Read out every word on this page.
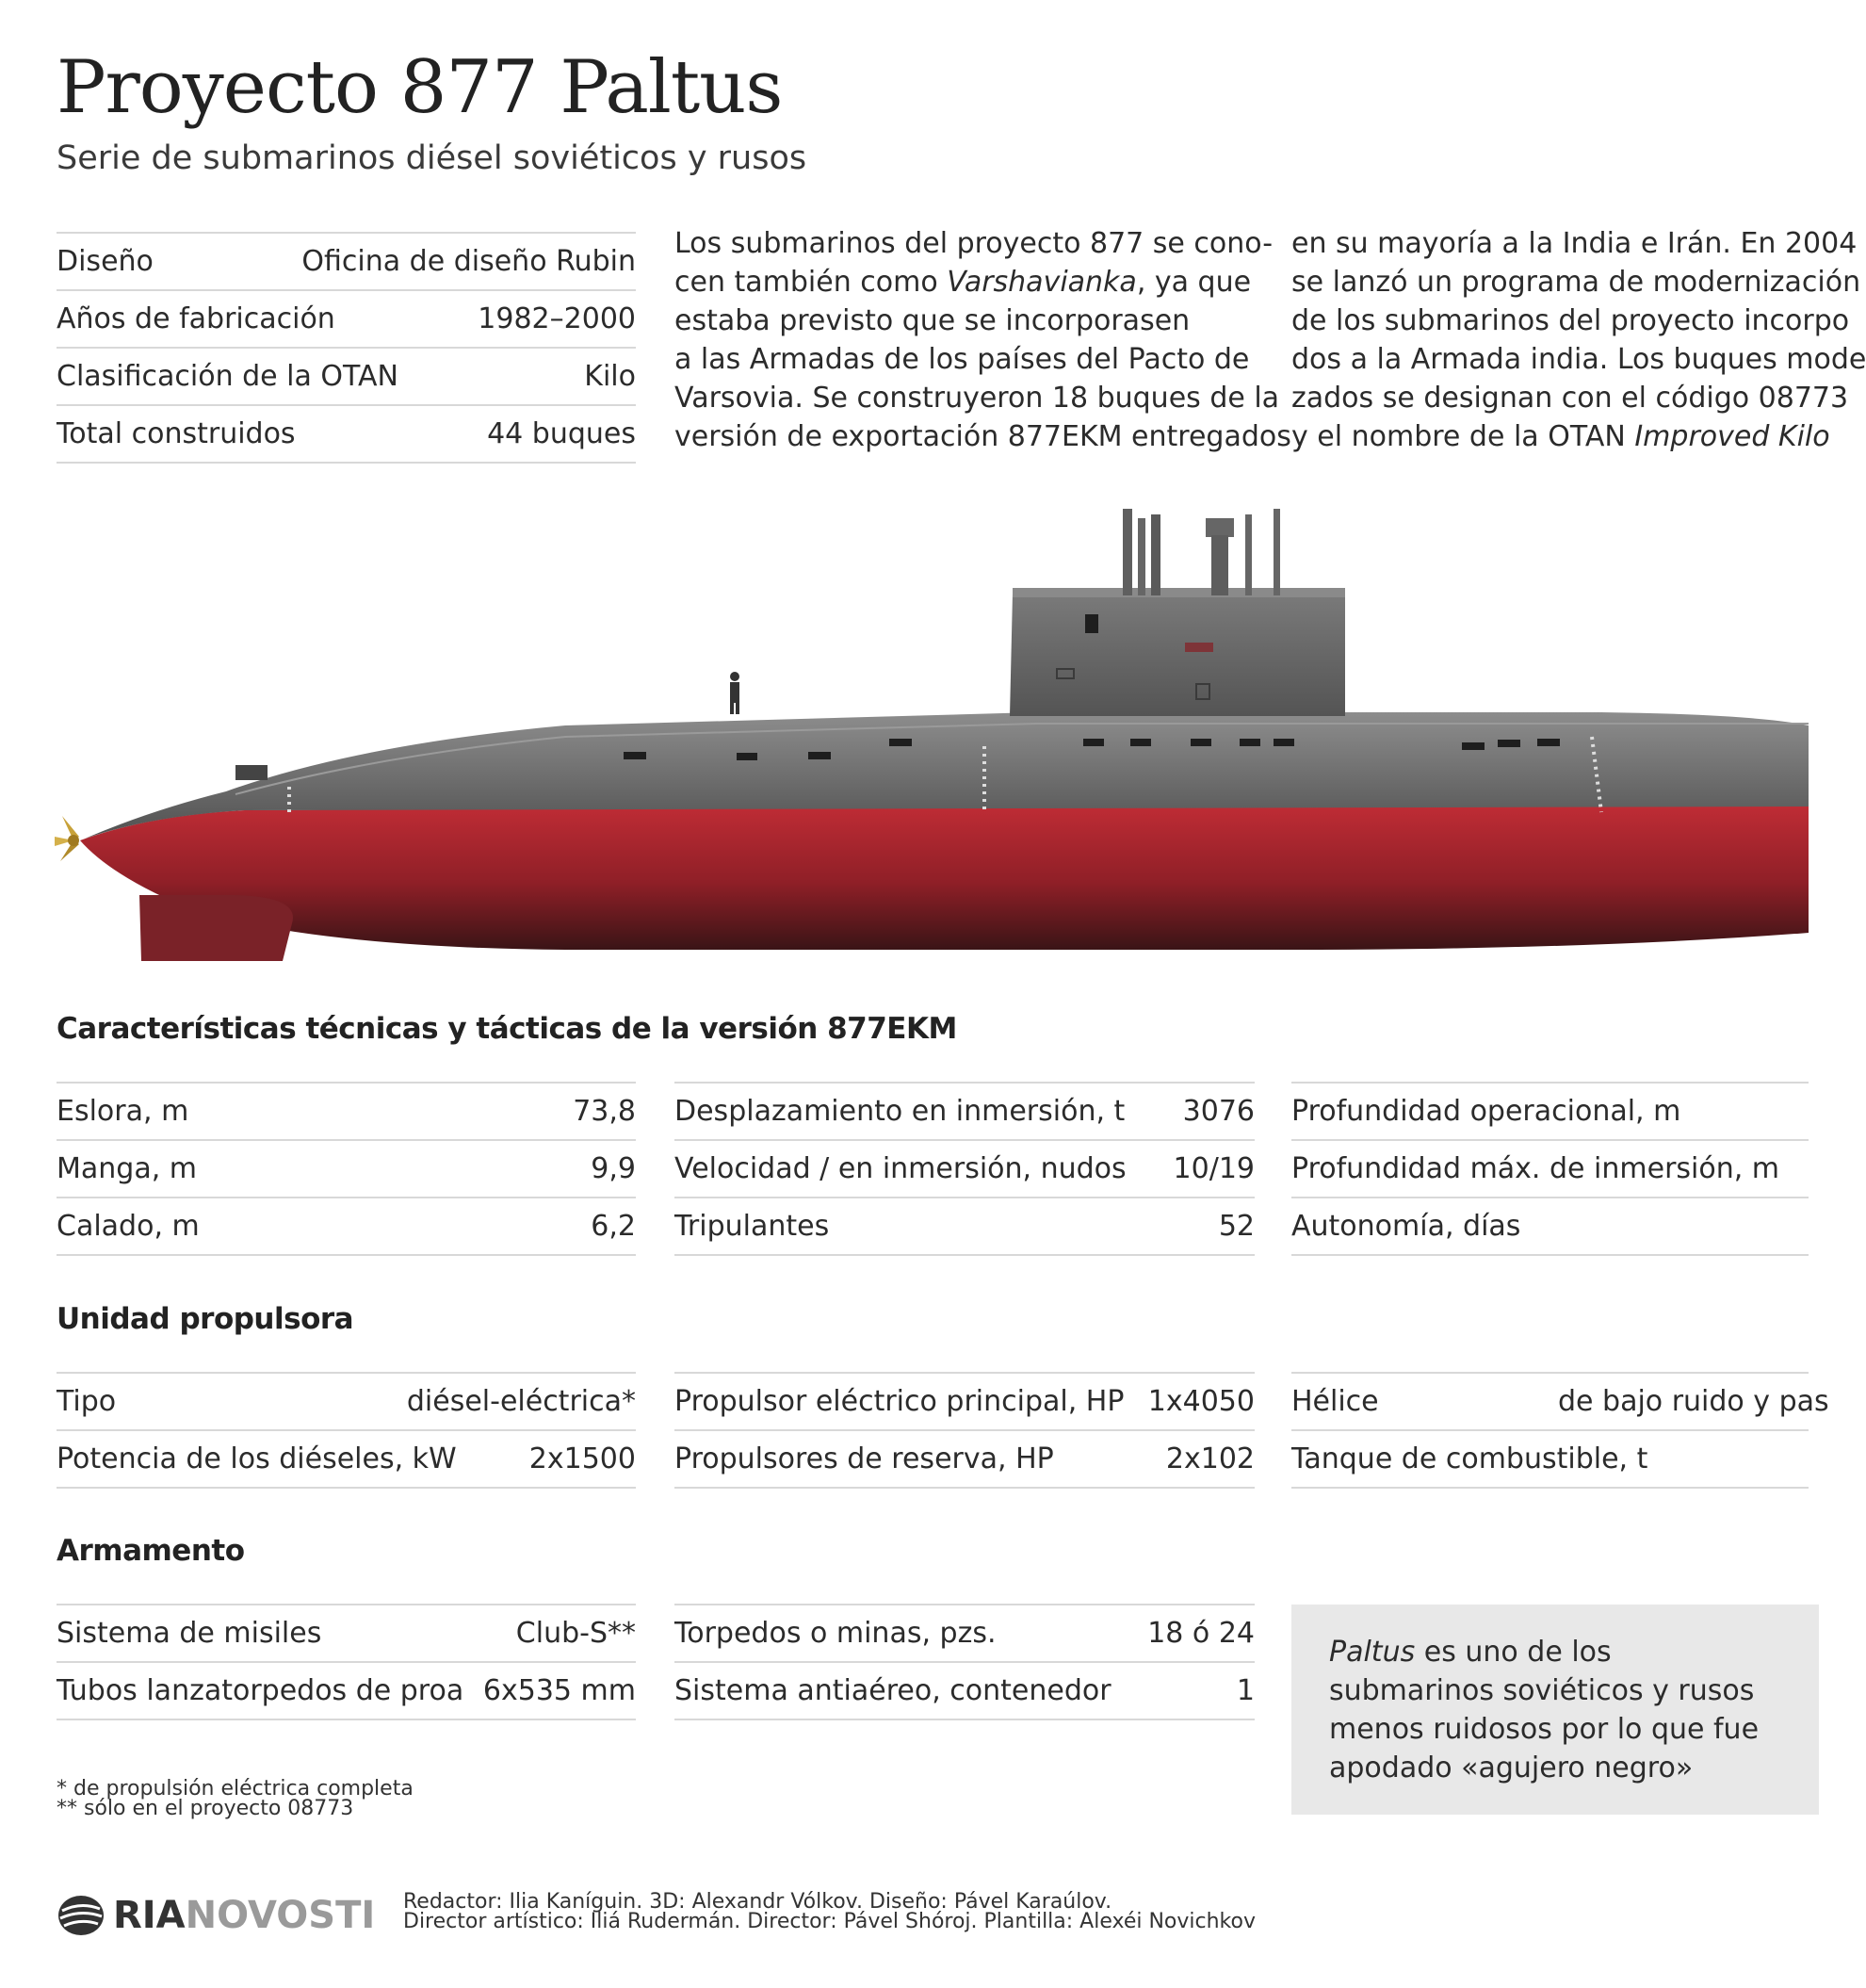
Proyecto 877 Paltus

Serie de submarinos diésel soviéticos y rusos

Diseño	Oficina de diseño Rubin
Años de fabricación	1982–2000
Clasificación de la OTAN	Kilo
Total construidos	44 buques
Los submarinos del proyecto 877 se cono-
cen también como Varshavianka, ya que
estaba previsto que se incorporasen
a las Armadas de los países del Pacto de
Varsovia. Se construyeron 18 buques de la
versión de exportación 877EKM entregados
en su mayoría a la India e Irán. En 2004
se lanzó un programa de modernización
de los submarinos del proyecto incorpo
dos a la Armada india. Los buques mode
zados se designan con el código 08773
y el nombre de la OTAN Improved Kilo
Características técnicas y tácticas de la versión 877EKM
Eslora, m	73,8
Manga, m	9,9
Calado, m	6,2
Desplazamiento en inmersión, t 3076
Velocidad / en inmersión, nudos 10/19
Tripulantes	52
Profundidad operacional, m
Profundidad máx. de inmersión, m
Autonomía, días
Unidad propulsora
Tipo	diésel-eléctrica*
Potencia de los diéseles, kW	2x1500
Propulsor eléctrico principal, HP 1x4050
Propulsores de reserva, HP	2x102
Hélice	de bajo ruido y pas
Tanque de combustible, t
Armamento
Sistema de misiles	Club-S**
Tubos lanzatorpedos de proa 6x535 mm
Torpedos o minas, pzs.	18 ó 24
Sistema antiaéreo, contenedor	1
Paltus es uno de los submarinos soviéticos y rusos menos ruidosos por lo que fue apodado «agujero negro»
* de propulsión eléctrica completa
** sólo en el proyecto 08773
RIANOVOSTI Redactor: Ilia Kaníguin. 3D: Alexandr Vólkov. Diseño: Pável Karaúlov.
Director artístico: Iliá Rudermán. Director: Pável Shóroj. Plantilla: Alexéi Novichkov
